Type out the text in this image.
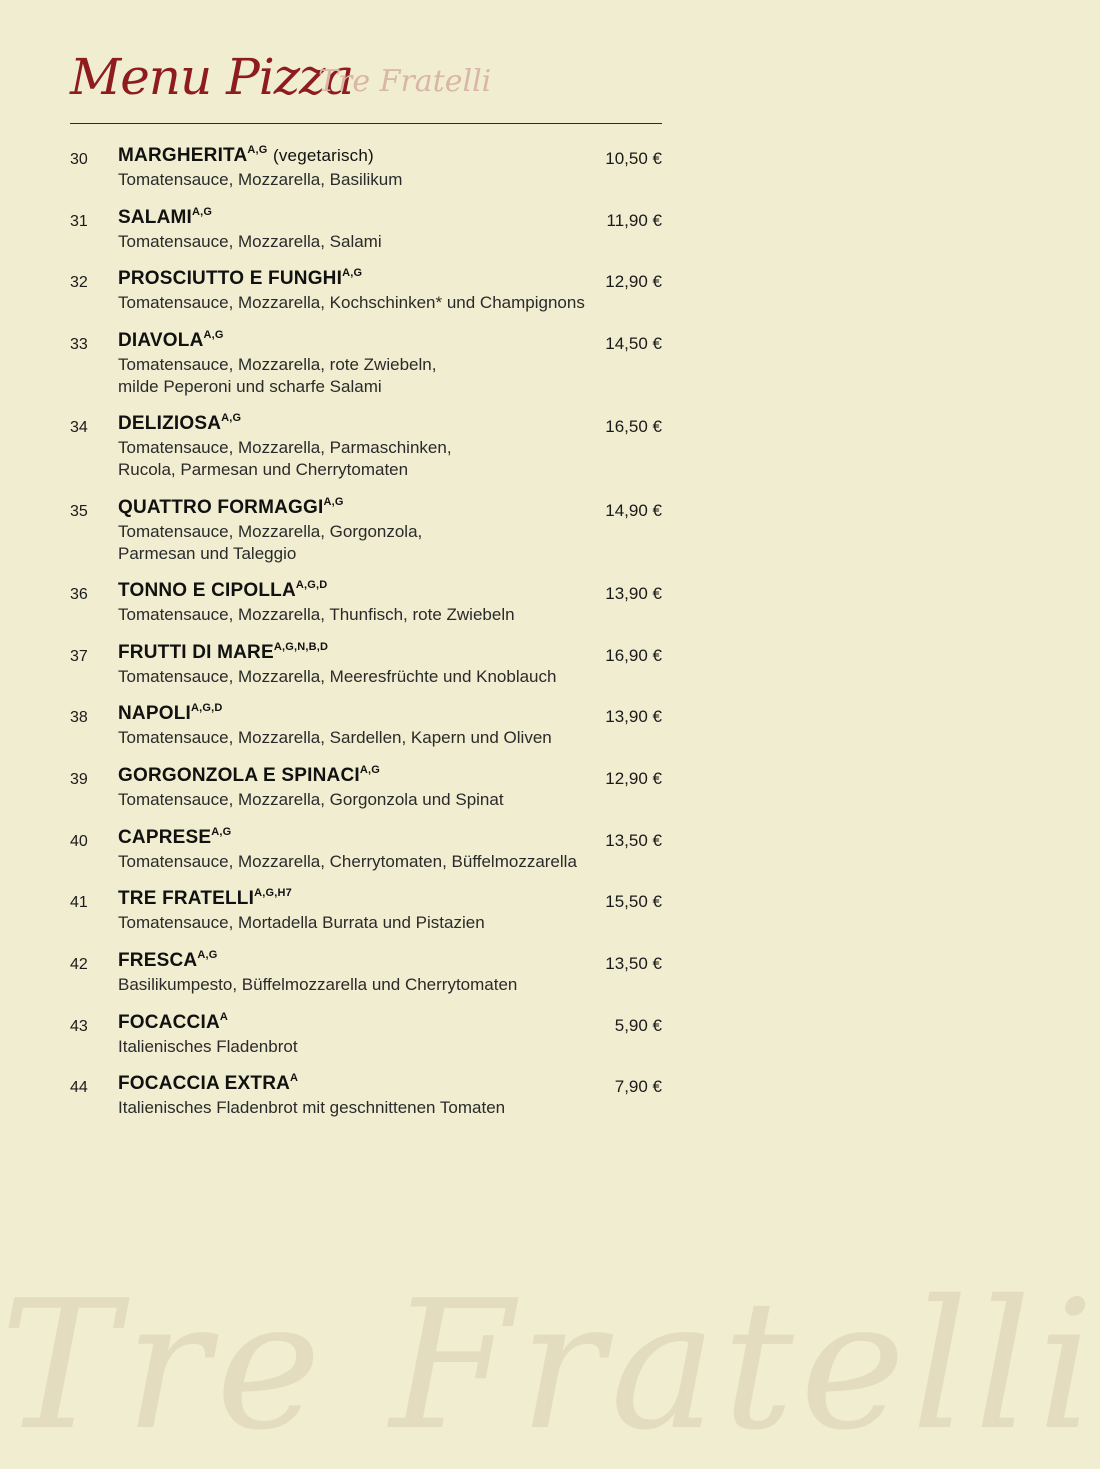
Menu Pizza
Tre Fratelli
30 $MARGHERITA^{A,G}$ (vegetarisch)
Tomatensauce, Mozzarella, Basilikum
10,50 €
31 $SALAMI^{A,G}$
Tomatensauce, Mozzarella, Salami
11,90 €
32 PROSCIUTTO E $FUNGHI^{A,G}$
Tomatensauce, Mozzarella, Kochschinken* und Champignons
12,90 €
33 $DIAVOLA^{A,G}$
Tomatensauce, Mozzarella, rote Zwiebeln,
milde Peperoni und scharfe Salami
14,50 €
34 $DELIZIOSA^{A,G}$
Tomatensauce, Mozzarella, Parmaschinken,
Rucola, Parmesan und Cherrytomaten
16,50 €
35 QUATTRO $FORMAGGI^{A,G}$
Tomatensauce, Mozzarella, Gorgonzola,
Parmesan und Taleggio
14,90 €
36 TONNO E $CIPOLLA^{A,G,D}$
Tomatensauce, Mozzarella, Thunfisch, rote Zwiebeln
13,90 €
37 FRUTTI DI $MARE^{A,G,N,B,D}$
Tomatensauce, Mozzarella, Meeresfrüchte und Knoblauch
16,90 €
38 $NAPOLI^{A,G,D}$
Tomatensauce, Mozzarella, Sardellen, Kapern und Oliven
13,90 €
39 GORGONZOLA E $SPINACI^{A,G}$
Tomatensauce, Mozzarella, Gorgonzola und Spinat
12,90 €
40 $CAPRESE^{A,G}$
Tomatensauce, Mozzarella, Cherrytomaten, Büffelmozzarella
13,50 €
41 TRE $FRATELLI^{A,G,H7}$
Tomatensauce, Mortadella Burrata und Pistazien
15,50 €
42 $FRESCA^{A,G}$
Basilikumpesto, Büffelmozzarella und Cherrytomaten
13,50 €
43 $FOCACCIA^A$
Italienisches Fladenbrot
5,90 €
44 FOCACCIA $EXTRA^A$
Italienisches Fladenbrot mit geschnittenen Tomaten
7,90 €
Tre Fratelli
